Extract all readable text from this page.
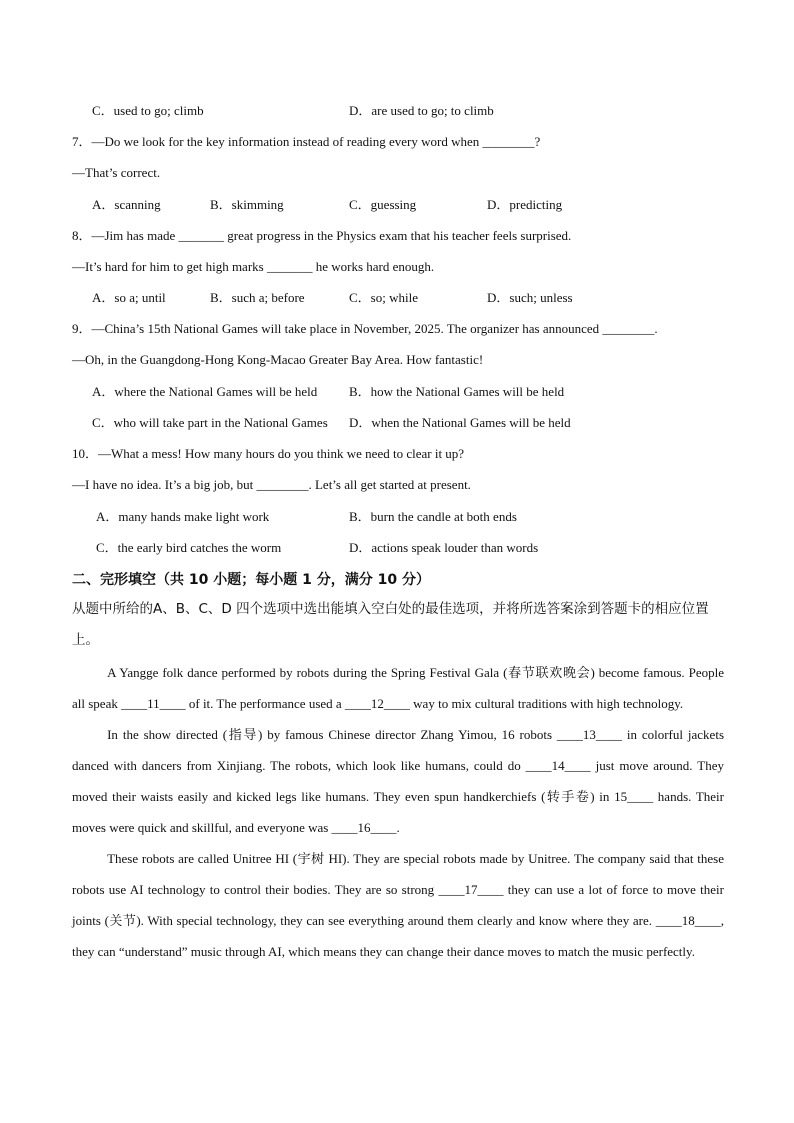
C．used to go; climb	D．are used to go; to climb
7．—Do we look for the key information instead of reading every word when ________?
—That’s correct.
A．scanning	B．skimming	C．guessing	D．predicting
8．—Jim has made _______ great progress in the Physics exam that his teacher feels surprised.
—It’s hard for him to get high marks _______ he works hard enough.
A．so a; until	B．such a; before	C．so; while	D．such; unless
9．—China’s 15th National Games will take place in November, 2025. The organizer has announced ________.
—Oh, in the Guangdong-Hong Kong-Macao Greater Bay Area. How fantastic!
A．where the National Games will be held B．how the National Games will be held
C．who will take part in the National Games D．when the National Games will be held
10．—What a mess! How many hours do you think we need to clear it up?
—I have no idea. It’s a big job, but ________. Let’s all get started at present.
A．many hands make light work	B．burn the candle at both ends
C．the early bird catches the worm	D．actions speak louder than words
二、完形填空（共 10 小题；每小题 1 分，满分 10 分）
从题中所给的A、B、C、D 四个选项中选出能填入空白处的最佳选项，并将所选答案涂到答题卡的相应位置上。

A Yangge folk dance performed by robots during the Spring Festival Gala (春节联欢晚会) become famous. People all speak ____11____ of it. The performance used a ____12____ way to mix cultural traditions with high technology.

In the show directed (指导) by famous Chinese director Zhang Yimou, 16 robots ____13____ in colorful jackets danced with dancers from Xinjiang. The robots, which look like humans, could do ____14____ just move around. They moved their waists easily and kicked legs like humans. They even spun handkerchiefs (转手卷) in 15____ hands. Their moves were quick and skillful, and everyone was ____16____.

These robots are called Unitree HI (宇树 HI). They are special robots made by Unitree. The company said that these robots use AI technology to control their bodies. They are so strong ____17____ they can use a lot of force to move their joints (关节). With special technology, they can see everything around them clearly and know where they are. ____18____, they can “understand” music through AI, which means they can change their dance moves to match the music perfectly.
